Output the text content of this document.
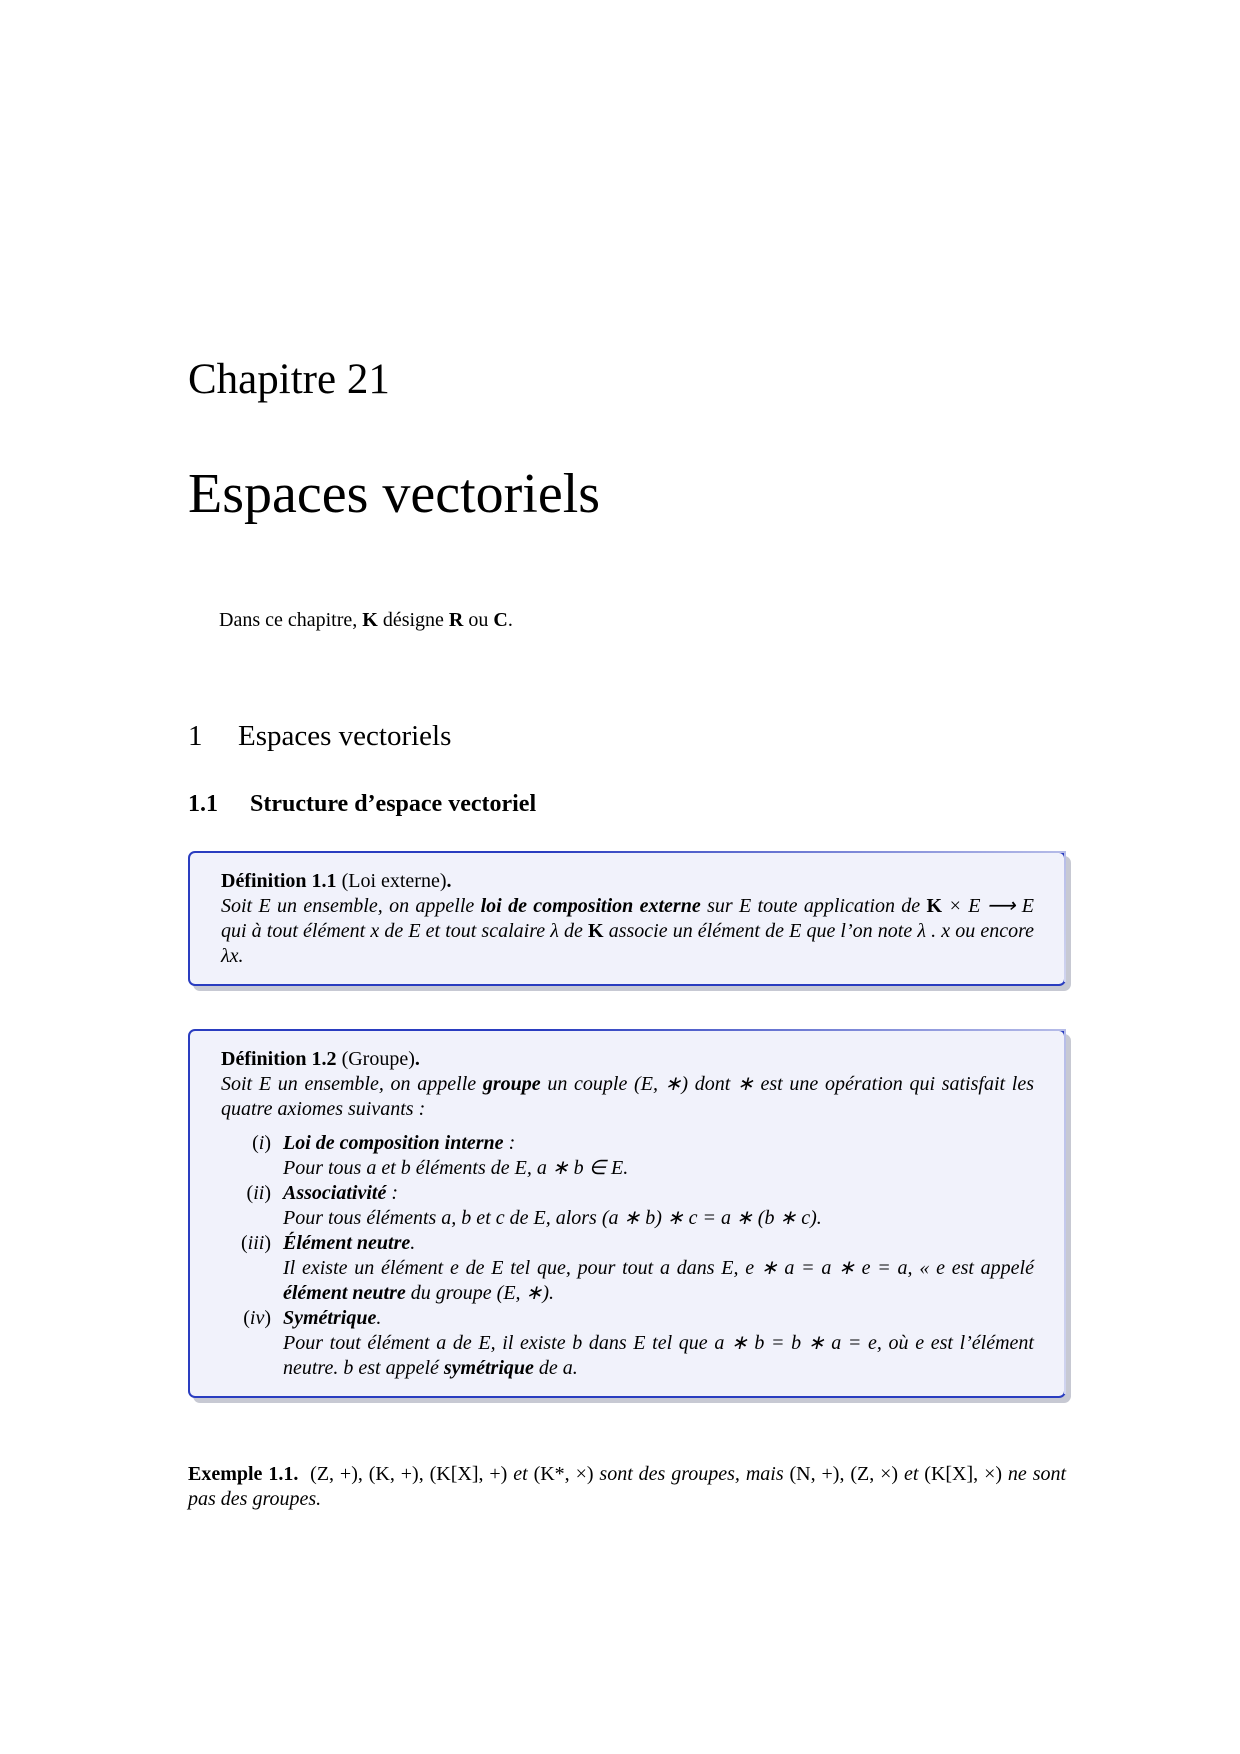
Chapitre 21
Espaces vectoriels
Dans ce chapitre, K désigne R ou C.
1 Espaces vectoriels
1.1 Structure d’espace vectoriel
Définition 1.1 (Loi externe).
Soit E un ensemble, on appelle loi de composition externe sur E toute application de K × E ⟶ E qui à tout élément x de E et tout scalaire λ de K associe un élément de E que l’on note λ . x ou encore λx.
Définition 1.2 (Groupe).
Soit E un ensemble, on appelle groupe un couple (E, ∗) dont ∗ est une opération qui satisfait les quatre axiomes suivants :
(i) Loi de composition interne :
Pour tous a et b éléments de E, a ∗ b ∈ E.
(ii) Associativité :
Pour tous éléments a, b et c de E, alors (a ∗ b) ∗ c = a ∗ (b ∗ c).
(iii) Élément neutre.
Il existe un élément e de E tel que, pour tout a dans E, e ∗ a = a ∗ e = a, « e est appelé élément neutre du groupe (E, ∗).
(iv) Symétrique.
Pour tout élément a de E, il existe b dans E tel que a ∗ b = b ∗ a = e, où e est l’élément neutre. b est appelé symétrique de a.
Exemple 1.1. (Z, +), (K, +), (K[X], +) et (K*, ×) sont des groupes, mais (N, +), (Z, ×) et (K[X], ×) ne sont pas des groupes.
